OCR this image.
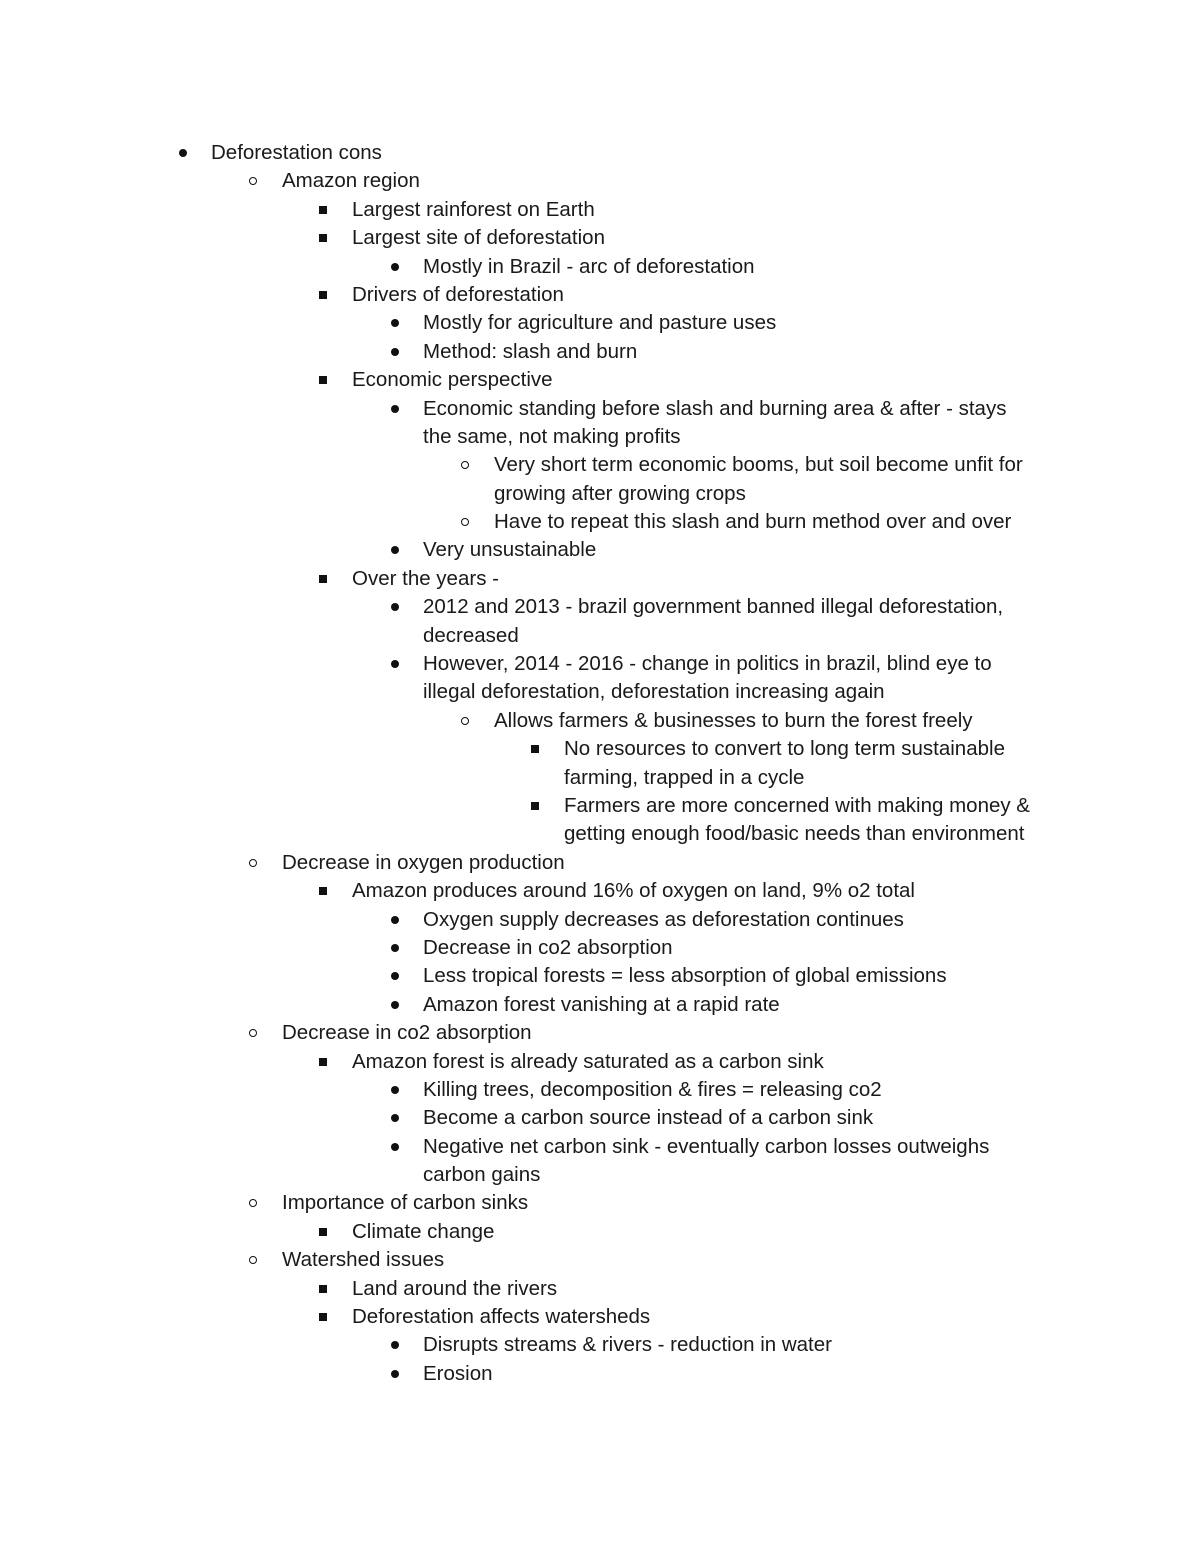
Deforestation cons
Amazon region
Largest rainforest on Earth
Largest site of deforestation
Mostly in Brazil - arc of deforestation
Drivers of deforestation
Mostly for agriculture and pasture uses
Method: slash and burn
Economic perspective
Economic standing before slash and burning area & after - stays
the same, not making profits
Very short term economic booms, but soil become unfit for
growing after growing crops
Have to repeat this slash and burn method over and over
Very unsustainable
Over the years -
2012 and 2013 - brazil government banned illegal deforestation,
decreased
However, 2014 - 2016 - change in politics in brazil, blind eye to
illegal deforestation, deforestation increasing again
Allows farmers & businesses to burn the forest freely
No resources to convert to long term sustainable
farming, trapped in a cycle
Farmers are more concerned with making money &
getting enough food/basic needs than environment
Decrease in oxygen production
Amazon produces around 16% of oxygen on land, 9% o2 total
Oxygen supply decreases as deforestation continues
Decrease in co2 absorption
Less tropical forests = less absorption of global emissions
Amazon forest vanishing at a rapid rate
Decrease in co2 absorption
Amazon forest is already saturated as a carbon sink
Killing trees, decomposition & fires = releasing co2
Become a carbon source instead of a carbon sink
Negative net carbon sink - eventually carbon losses outweighs
carbon gains
Importance of carbon sinks
Climate change
Watershed issues
Land around the rivers
Deforestation affects watersheds
Disrupts streams & rivers - reduction in water
Erosion
